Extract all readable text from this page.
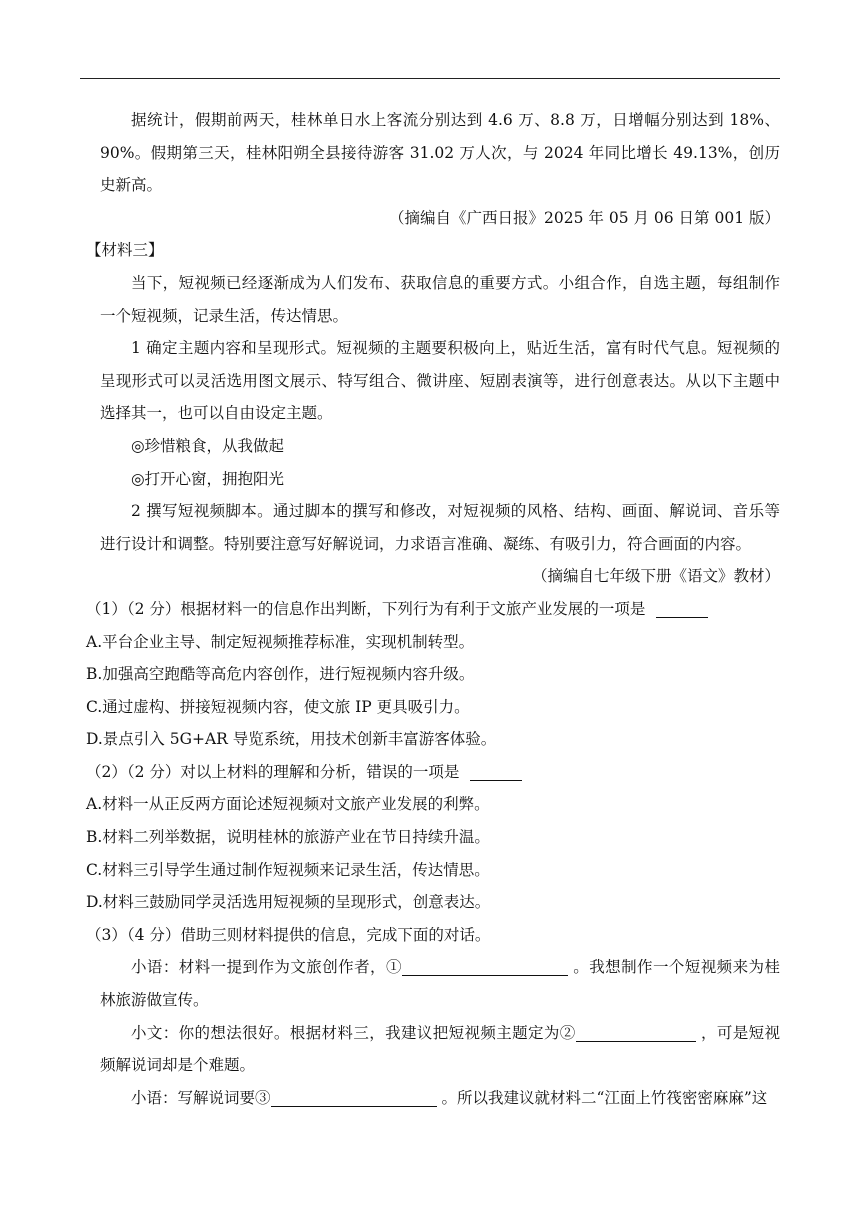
据统计，假期前两天，桂林单日水上客流分别达到 4.6 万、8.8 万，日增幅分别达到 18%、90%。假期第三天，桂林阳朔全县接待游客 31.02 万人次，与 2024 年同比增长 49.13%，创历史新高。

（摘编自《广西日报》2025 年 05 月 06 日第 001 版）

【材料三】

当下，短视频已经逐渐成为人们发布、获取信息的重要方式。小组合作，自选主题，每组制作一个短视频，记录生活，传达情思。

1 确定主题内容和呈现形式。短视频的主题要积极向上，贴近生活，富有时代气息。短视频的呈现形式可以灵活选用图文展示、特写组合、微讲座、短剧表演等，进行创意表达。从以下主题中选择其一，也可以自由设定主题。

◎珍惜粮食，从我做起

◎打开心窗，拥抱阳光

2 撰写短视频脚本。通过脚本的撰写和修改，对短视频的风格、结构、画面、解说词、音乐等进行设计和调整。特别要注意写好解说词，力求语言准确、凝练、有吸引力，符合画面的内容。

（摘编自七年级下册《语文》教材）

（1）（2 分）根据材料一的信息作出判断，下列行为有利于文旅产业发展的一项是

A.平台企业主导、制定短视频推荐标准，实现机制转型。

B.加强高空跑酷等高危内容创作，进行短视频内容升级。

C.通过虚构、拼接短视频内容，使文旅 IP 更具吸引力。

D.景点引入 5G+AR 导览系统，用技术创新丰富游客体验。

（2）（2 分）对以上材料的理解和分析，错误的一项是

A.材料一从正反两方面论述短视频对文旅产业发展的利弊。

B.材料二列举数据，说明桂林的旅游产业在节日持续升温。

C.材料三引导学生通过制作短视频来记录生活，传达情思。

D.材料三鼓励同学灵活选用短视频的呈现形式，创意表达。

（3）（4 分）借助三则材料提供的信息，完成下面的对话。

小语：材料一提到作为文旅创作者，①	。我想制作一个短视频来为桂林旅游做宣传。

小文：你的想法很好。根据材料三，我建议把短视频主题定为②	，可是短视频解说词却是个难题。

小语：写解说词要③	。所以我建议就材料二“江面上竹筏密密麻麻”这
